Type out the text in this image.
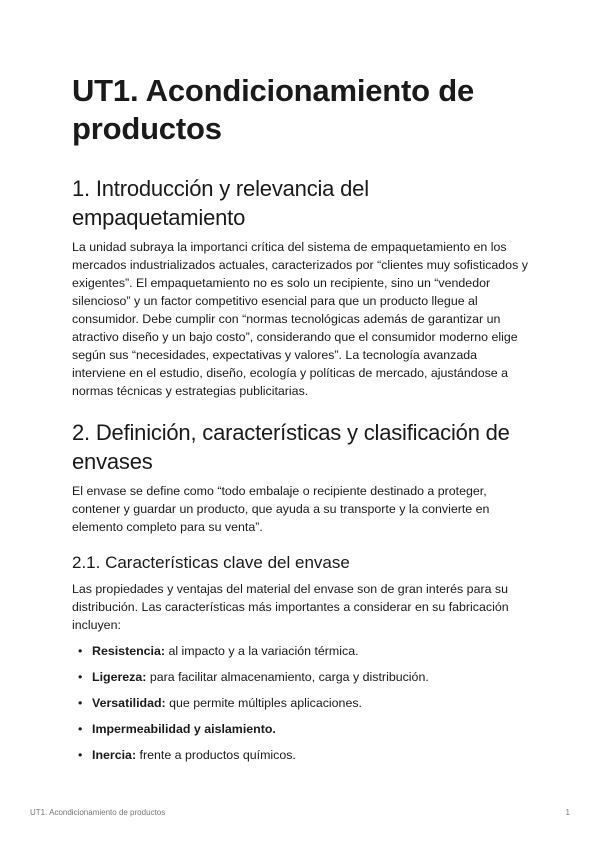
UT1. Acondicionamiento de productos
1. Introducción y relevancia del empaquetamiento

La unidad subraya la importanci crítica del sistema de empaquetamiento en los mercados industrializados actuales, caracterizados por “clientes muy sofisticados y exigentes”. El empaquetamiento no es solo un recipiente, sino un “vendedor silencioso” y un factor competitivo esencial para que un producto llegue al consumidor. Debe cumplir con “normas tecnológicas además de garantizar un atractivo diseño y un bajo costo”, considerando que el consumidor moderno elige según sus “necesidades, expectativas y valores”. La tecnología avanzada interviene en el estudio, diseño, ecología y políticas de mercado, ajustándose a normas técnicas y estrategias publicitarias.

2. Definición, características y clasificación de envases

El envase se define como “todo embalaje o recipiente destinado a proteger, contener y guardar un producto, que ayuda a su transporte y la convierte en elemento completo para su venta”.

2.1. Características clave del envase

Las propiedades y ventajas del material del envase son de gran interés para su distribución. Las características más importantes a considerar en su fabricación incluyen:

• Resistencia: al impacto y a la variación térmica.
• Ligereza: para facilitar almacenamiento, carga y distribución.
• Versatilidad: que permite múltiples aplicaciones.
• Impermeabilidad y aislamiento.
• Inercia: frente a productos químicos.
UT1. Acondicionamiento de productos	1
